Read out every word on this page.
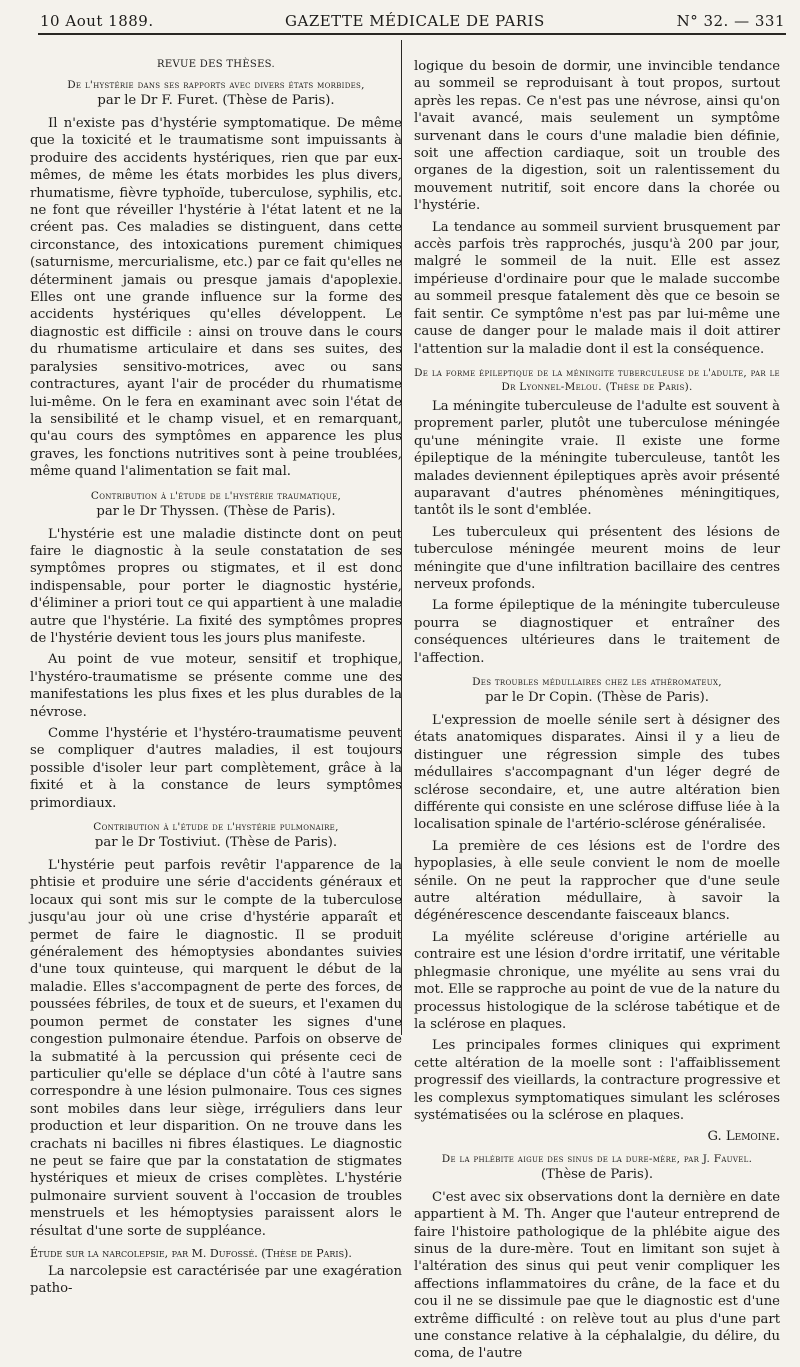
10 Aout 1889.	GAZETTE MÉDICALE DE PARIS	N° 32. — 331
REVUE DES THÈSES.
De l'hystérie dans ses rapports avec divers états morbides,
par le Dr F. Furet. (Thèse de Paris).

Il n'existe pas d'hystérie symptomatique. De même que la toxicité et le traumatisme sont impuissants à produire des accidents hystériques, rien que par eux-mêmes, de même les états morbides les plus divers, rhumatisme, fièvre typhoïde, tuberculose, syphilis, etc. ne font que réveiller l'hystérie à l'état latent et ne la créent pas. Ces maladies se distinguent, dans cette circonstance, des intoxications purement chimiques (saturnisme, mercurialisme, etc.) par ce fait qu'elles ne déterminent jamais ou presque jamais d'apoplexie. Elles ont une grande influence sur la forme des accidents hystériques qu'elles développent. Le diagnostic est difficile : ainsi on trouve dans le cours du rhumatisme articulaire et dans ses suites, des paralysies sensitivo-motrices, avec ou sans contractures, ayant l'air de procéder du rhumatisme lui-même. On le fera en examinant avec soin l'état de la sensibilité et le champ visuel, et en remarquant, qu'au cours des symptômes en apparence les plus graves, les fonctions nutritives sont à peine troublées, même quand l'alimentation se fait mal.

Contribution à l'étude de l'hystérie traumatique,
par le Dr Thyssen. (Thèse de Paris).

L'hystérie est une maladie distincte dont on peut faire le diagnostic à la seule constatation de ses symptômes propres ou stigmates, et il est donc indispensable, pour porter le diagnostic hystérie, d'éliminer a priori tout ce qui appartient à une maladie autre que l'hystérie. La fixité des symptômes propres de l'hystérie devient tous les jours plus manifeste.

Au point de vue moteur, sensitif et trophique, l'hystéro-traumatisme se présente comme une des manifestations les plus fixes et les plus durables de la névrose.

Comme l'hystérie et l'hystéro-traumatisme peuvent se compliquer d'autres maladies, il est toujours possible d'isoler leur part complètement, grâce à la fixité et à la constance de leurs symptômes primordiaux.

Contribution à l'étude de l'hystérie pulmonaire,
par le Dr Tostiviut. (Thèse de Paris).

L'hystérie peut parfois revêtir l'apparence de la phtisie et produire une série d'accidents généraux et locaux qui sont mis sur le compte de la tuberculose jusqu'au jour où une crise d'hystérie apparaît et permet de faire le diagnostic. Il se produit généralement des hémoptysies abondantes suivies d'une toux quinteuse, qui marquent le début de la maladie. Elles s'accompagnent de perte des forces, de poussées fébriles, de toux et de sueurs, et l'examen du poumon permet de constater les signes d'une congestion pulmonaire étendue. Parfois on observe de la submatité à la percussion qui présente ceci de particulier qu'elle se déplace d'un côté à l'autre sans correspondre à une lésion pulmonaire. Tous ces signes sont mobiles dans leur siège, irréguliers dans leur production et leur disparition. On ne trouve dans les crachats ni bacilles ni fibres élastiques. Le diagnostic ne peut se faire que par la constatation de stigmates hystériques et mieux de crises complètes. L'hystérie pulmonaire survient souvent à l'occasion de troubles menstruels et les hémoptysies paraissent alors le résultat d'une sorte de suppléance.

Étude sur la narcolepsie, par M. Dufossé. (Thèse de Paris).

La narcolepsie est caractérisée par une exagération patho-

logique du besoin de dormir, une invincible tendance au sommeil se reproduisant à tout propos, surtout après les repas. Ce n'est pas une névrose, ainsi qu'on l'avait avancé, mais seulement un symptôme survenant dans le cours d'une maladie bien définie, soit une affection cardiaque, soit un trouble des organes de la digestion, soit un ralentissement du mouvement nutritif, soit encore dans la chorée ou l'hystérie.

La tendance au sommeil survient brusquement par accès parfois très rapprochés, jusqu'à 200 par jour, malgré le sommeil de la nuit. Elle est assez impérieuse d'ordinaire pour que le malade succombe au sommeil presque fatalement dès que ce besoin se fait sentir. Ce symptôme n'est pas par lui-même une cause de danger pour le malade mais il doit attirer l'attention sur la maladie dont il est la conséquence.

De la forme épileptique de la méningite tuberculeuse de l'adulte, par le Dr Lyonnel-Melou. (Thèse de Paris).

La méningite tuberculeuse de l'adulte est souvent à proprement parler, plutôt une tuberculose méningée qu'une méningite vraie. Il existe une forme épileptique de la méningite tuberculeuse, tantôt les malades deviennent épileptiques après avoir présenté auparavant d'autres phénomènes méningitiques, tantôt ils le sont d'emblée.

Les tuberculeux qui présentent des lésions de tuberculose méningée meurent moins de leur méningite que d'une infiltration bacillaire des centres nerveux profonds.

La forme épileptique de la méningite tuberculeuse pourra se diagnostiquer et entraîner des conséquences ultérieures dans le traitement de l'affection.

Des troubles médullaires chez les athéromateux,
par le Dr Copin. (Thèse de Paris).

L'expression de moelle sénile sert à désigner des états anatomiques disparates. Ainsi il y a lieu de distinguer une régression simple des tubes médullaires s'accompagnant d'un léger degré de sclérose secondaire, et, une autre altération bien différente qui consiste en une sclérose diffuse liée à la localisation spinale de l'artério-sclérose généralisée.

La première de ces lésions est de l'ordre des hypoplasies, à elle seule convient le nom de moelle sénile. On ne peut la rapprocher que d'une seule autre altération médullaire, à savoir la dégénérescence descendante faisceaux blancs.

La myélite scléreuse d'origine artérielle au contraire est une lésion d'ordre irritatif, une véritable phlegmasie chronique, une myélite au sens vrai du mot. Elle se rapproche au point de vue de la nature du processus histologique de la sclérose tabétique et de la sclérose en plaques.

Les principales formes cliniques qui expriment cette altération de la moelle sont : l'affaiblissement progressif des vieillards, la contracture progressive et les complexus symptomatiques simulant les scléroses systématisées ou la sclérose en plaques.

G. Lemoine.
De la phlébite aigue des sinus de la dure-mère, par J. Fauvel.
(Thèse de Paris).

C'est avec six observations dont la dernière en date appartient à M. Th. Anger que l'auteur entreprend de faire l'histoire pathologique de la phlébite aigue des sinus de la dure-mère. Tout en limitant son sujet à l'altération des sinus qui peut venir compliquer les affections inflammatoires du crâne, de la face et du cou il ne se dissimule pae que le diagnostic est d'une extrême difficulté : on relève tout au plus d'une part une constance relative à la céphalalgie, du délire, du coma, de l'autre
